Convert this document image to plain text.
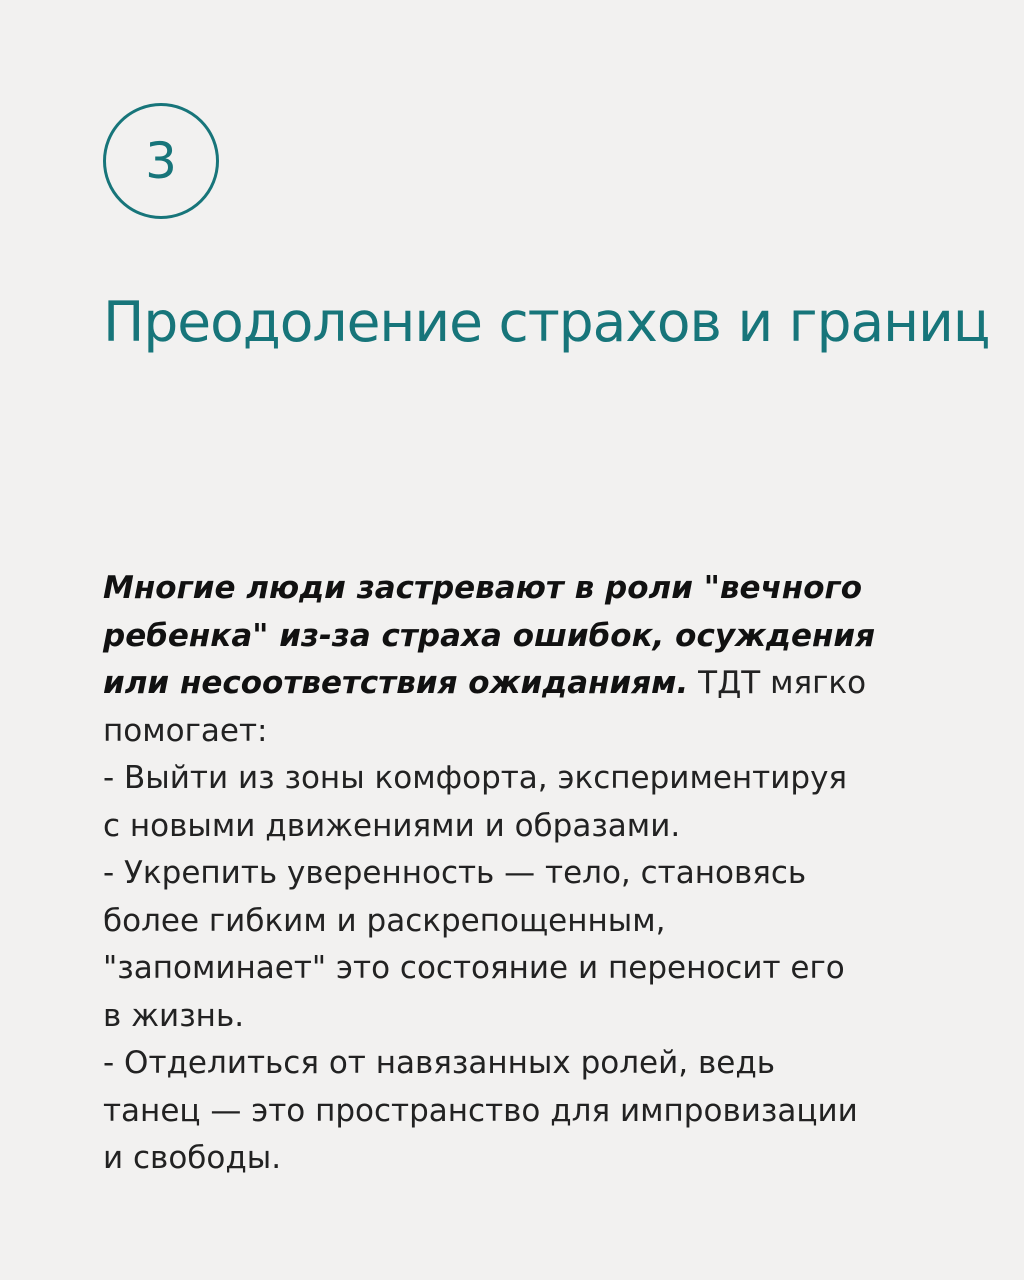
3
Преодоление страхов и границ
Многие люди застревают в роли "вечного
ребенка" из-за страха ошибок, осуждения
или несоответствия ожиданиям. ТДТ мягко
помогает:
- Выйти из зоны комфорта, экспериментируя
с новыми движениями и образами.
- Укрепить уверенность — тело, становясь
более гибким и раскрепощенным,
"запоминает" это состояние и переносит его
в жизнь.
- Отделиться от навязанных ролей, ведь
танец — это пространство для импровизации
и свободы.
